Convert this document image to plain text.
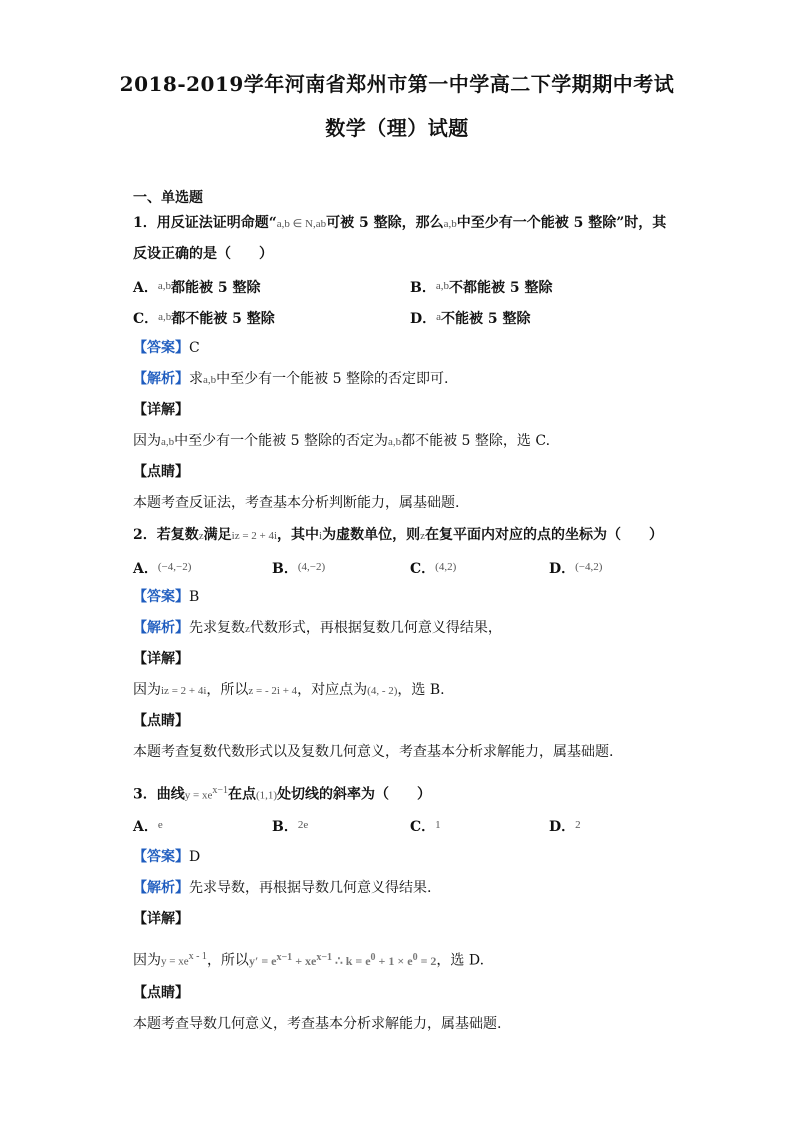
2018-2019学年河南省郑州市第一中学高二下学期期中考试
数学（理）试题
一、单选题
1．用反证法证明命题“a,b ∈ N,ab可被 5 整除，那么a,b中至少有一个能被 5 整除”时，其
反设正确的是（　　）
A．$^{a,b}$都能被 5 整除	B．$^{a,b}$不都能被 5 整除
C．$^{a,b}$都不能被 5 整除	D．$^a$不能被 5 整除
【答案】C
【解析】求a,b中至少有一个能被 5 整除的否定即可.
【详解】
因为a,b中至少有一个能被 5 整除的否定为a,b都不能被 5 整除，选 C.
【点睛】
本题考查反证法，考查基本分析判断能力，属基础题.
2．若复数z满足iz = 2 + 4i，其中i为虚数单位，则z在复平面内对应的点的坐标为（　　）
A．$^{(-4,-2)}$	B．$^{(4,-2)}$	C．$^{(4,2)}$	D．$^{(-4,2)}$
【答案】B
【解析】先求复数z代数形式，再根据复数几何意义得结果，
【详解】
因为iz = 2 + 4i，所以z = - 2i + 4，对应点为(4, - 2)，选 B.
【点睛】
本题考查复数代数形式以及复数几何意义，考查基本分析求解能力，属基础题.
3．曲线$y = xe^{x-1}$在点(1,1)处切线的斜率为（　　）
A．$^e$	B．$^{2e}$	C．$^1$	D．$^2$
【答案】D
【解析】先求导数，再根据导数几何意义得结果.
【详解】
因为$y = xe^{x - 1}$，所以$y' = e^{x-1} + xe^{x-1}$ ∴ $k = e^0 + 1 \times e^0 = 2$，选 D.
【点睛】
本题考查导数几何意义，考查基本分析求解能力，属基础题.
